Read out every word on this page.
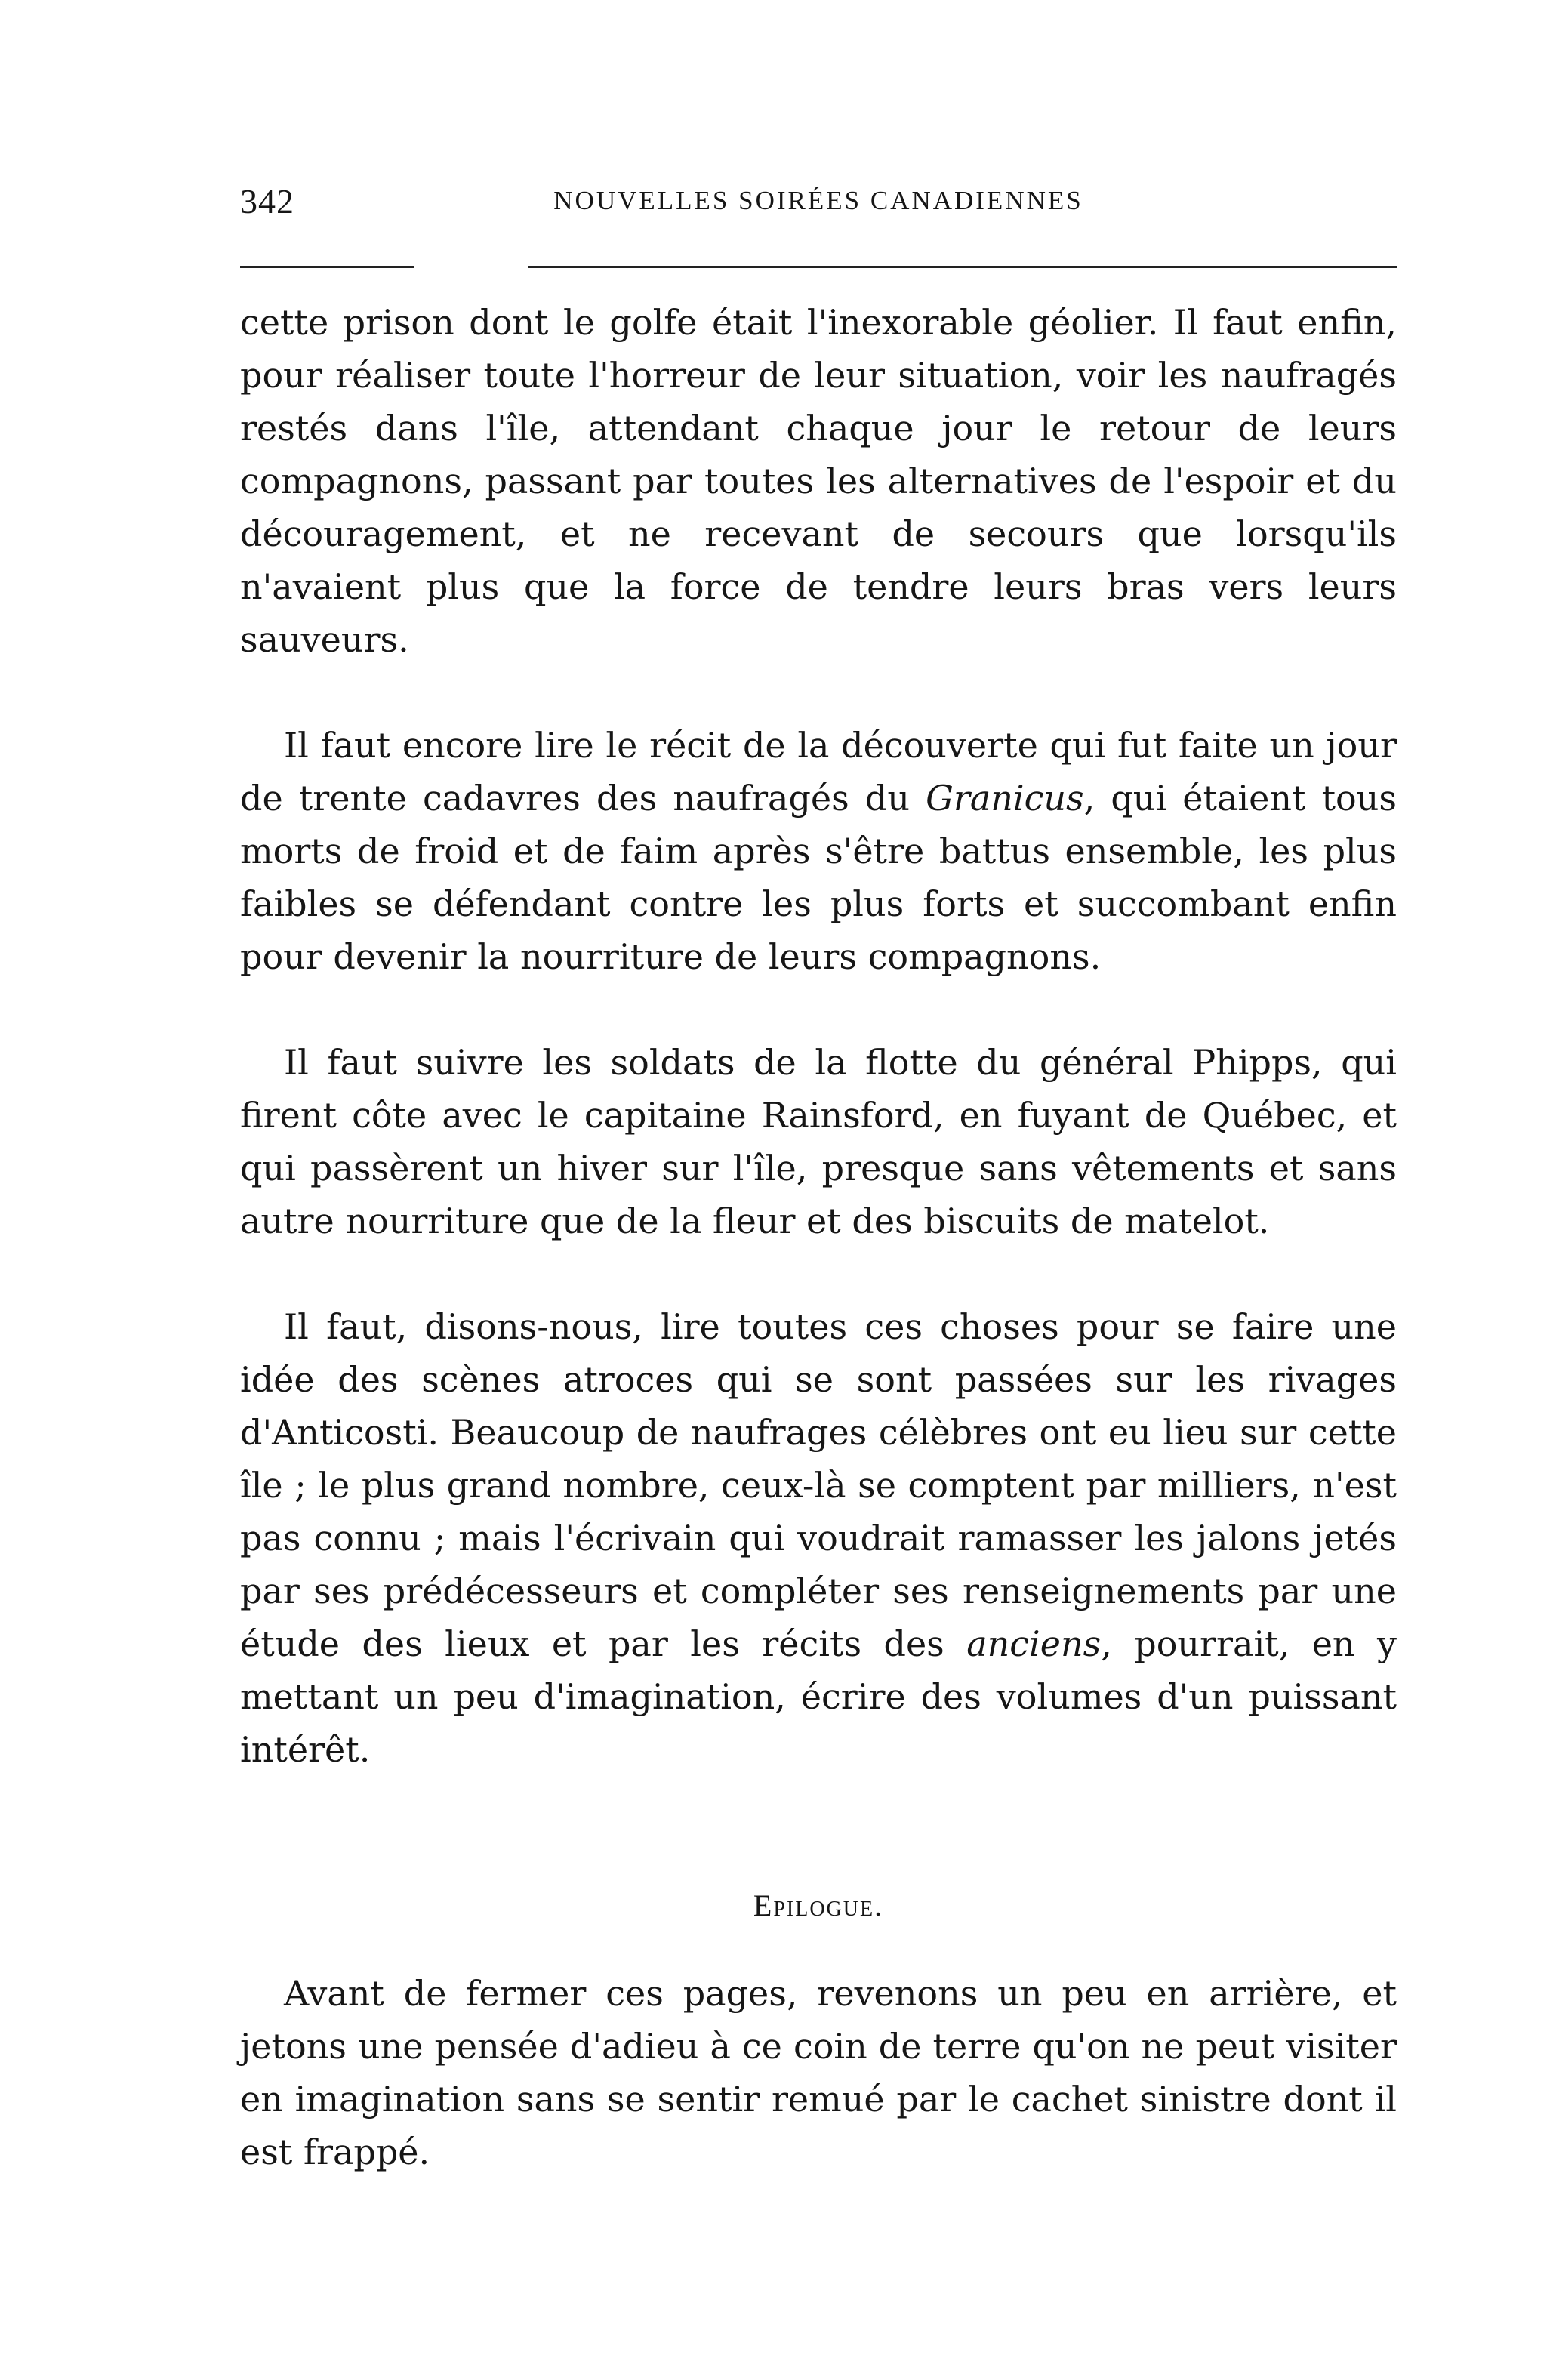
342	NOUVELLES SOIRÉES CANADIENNES

cette prison dont le golfe était l'inexorable géolier. Il faut enfin, pour réaliser toute l'horreur de leur situation, voir les naufragés restés dans l'île, attendant chaque jour le retour de leurs compagnons, passant par toutes les alternatives de l'espoir et du découragement, et ne recevant de secours que lorsqu'ils n'avaient plus que la force de tendre leurs bras vers leurs sauveurs.

Il faut encore lire le récit de la découverte qui fut faite un jour de trente cadavres des naufragés du Granicus, qui étaient tous morts de froid et de faim après s'être battus ensemble, les plus faibles se défendant contre les plus forts et succombant enfin pour devenir la nourriture de leurs compagnons.

Il faut suivre les soldats de la flotte du général Phipps, qui firent côte avec le capitaine Rainsford, en fuyant de Québec, et qui passèrent un hiver sur l'île, presque sans vêtements et sans autre nourriture que de la fleur et des biscuits de matelot.

Il faut, disons-nous, lire toutes ces choses pour se faire une idée des scènes atroces qui se sont passées sur les rivages d'Anticosti. Beaucoup de naufrages célèbres ont eu lieu sur cette île ; le plus grand nombre, ceux-là se comptent par milliers, n'est pas connu ; mais l'écrivain qui voudrait ramasser les jalons jetés par ses prédécesseurs et compléter ses renseignements par une étude des lieux et par les récits des anciens, pourrait, en y mettant un peu d'imagination, écrire des volumes d'un puissant intérêt.

Epilogue.

Avant de fermer ces pages, revenons un peu en arrière, et jetons une pensée d'adieu à ce coin de terre qu'on ne peut visiter en imagination sans se sentir remué par le cachet sinistre dont il est frappé.
